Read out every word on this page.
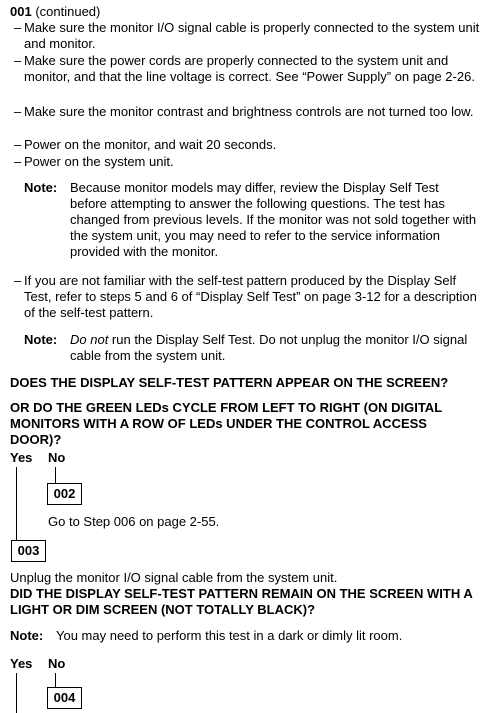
001 (continued)
– Make sure the monitor I/O signal cable is properly connected to the system unit and monitor.
– Make sure the power cords are properly connected to the system unit and monitor, and that the line voltage is correct. See “Power Supply” on page 2-26.
– Make sure the monitor contrast and brightness controls are not turned too low.
– Power on the monitor, and wait 20 seconds.
– Power on the system unit.
Note: Because monitor models may differ, review the Display Self Test before attempting to answer the following questions. The test has changed from previous levels. If the monitor was not sold together with the system unit, you may need to refer to the service information provided with the monitor.
– If you are not familiar with the self-test pattern produced by the Display Self Test, refer to steps 5 and 6 of “Display Self Test” on page 3-12 for a description of the self-test pattern.
Note: Do not run the Display Self Test. Do not unplug the monitor I/O signal cable from the system unit.
DOES THE DISPLAY SELF-TEST PATTERN APPEAR ON THE SCREEN?
OR DO THE GREEN LEDs CYCLE FROM LEFT TO RIGHT (ON DIGITAL MONITORS WITH A ROW OF LEDs UNDER THE CONTROL ACCESS DOOR)?
Yes No
002
Go to Step 006 on page 2-55.
003
Unplug the monitor I/O signal cable from the system unit.
DID THE DISPLAY SELF-TEST PATTERN REMAIN ON THE SCREEN WITH A LIGHT OR DIM SCREEN (NOT TOTALLY BLACK)?
Note: You may need to perform this test in a dark or dimly lit room.
Yes No
004
